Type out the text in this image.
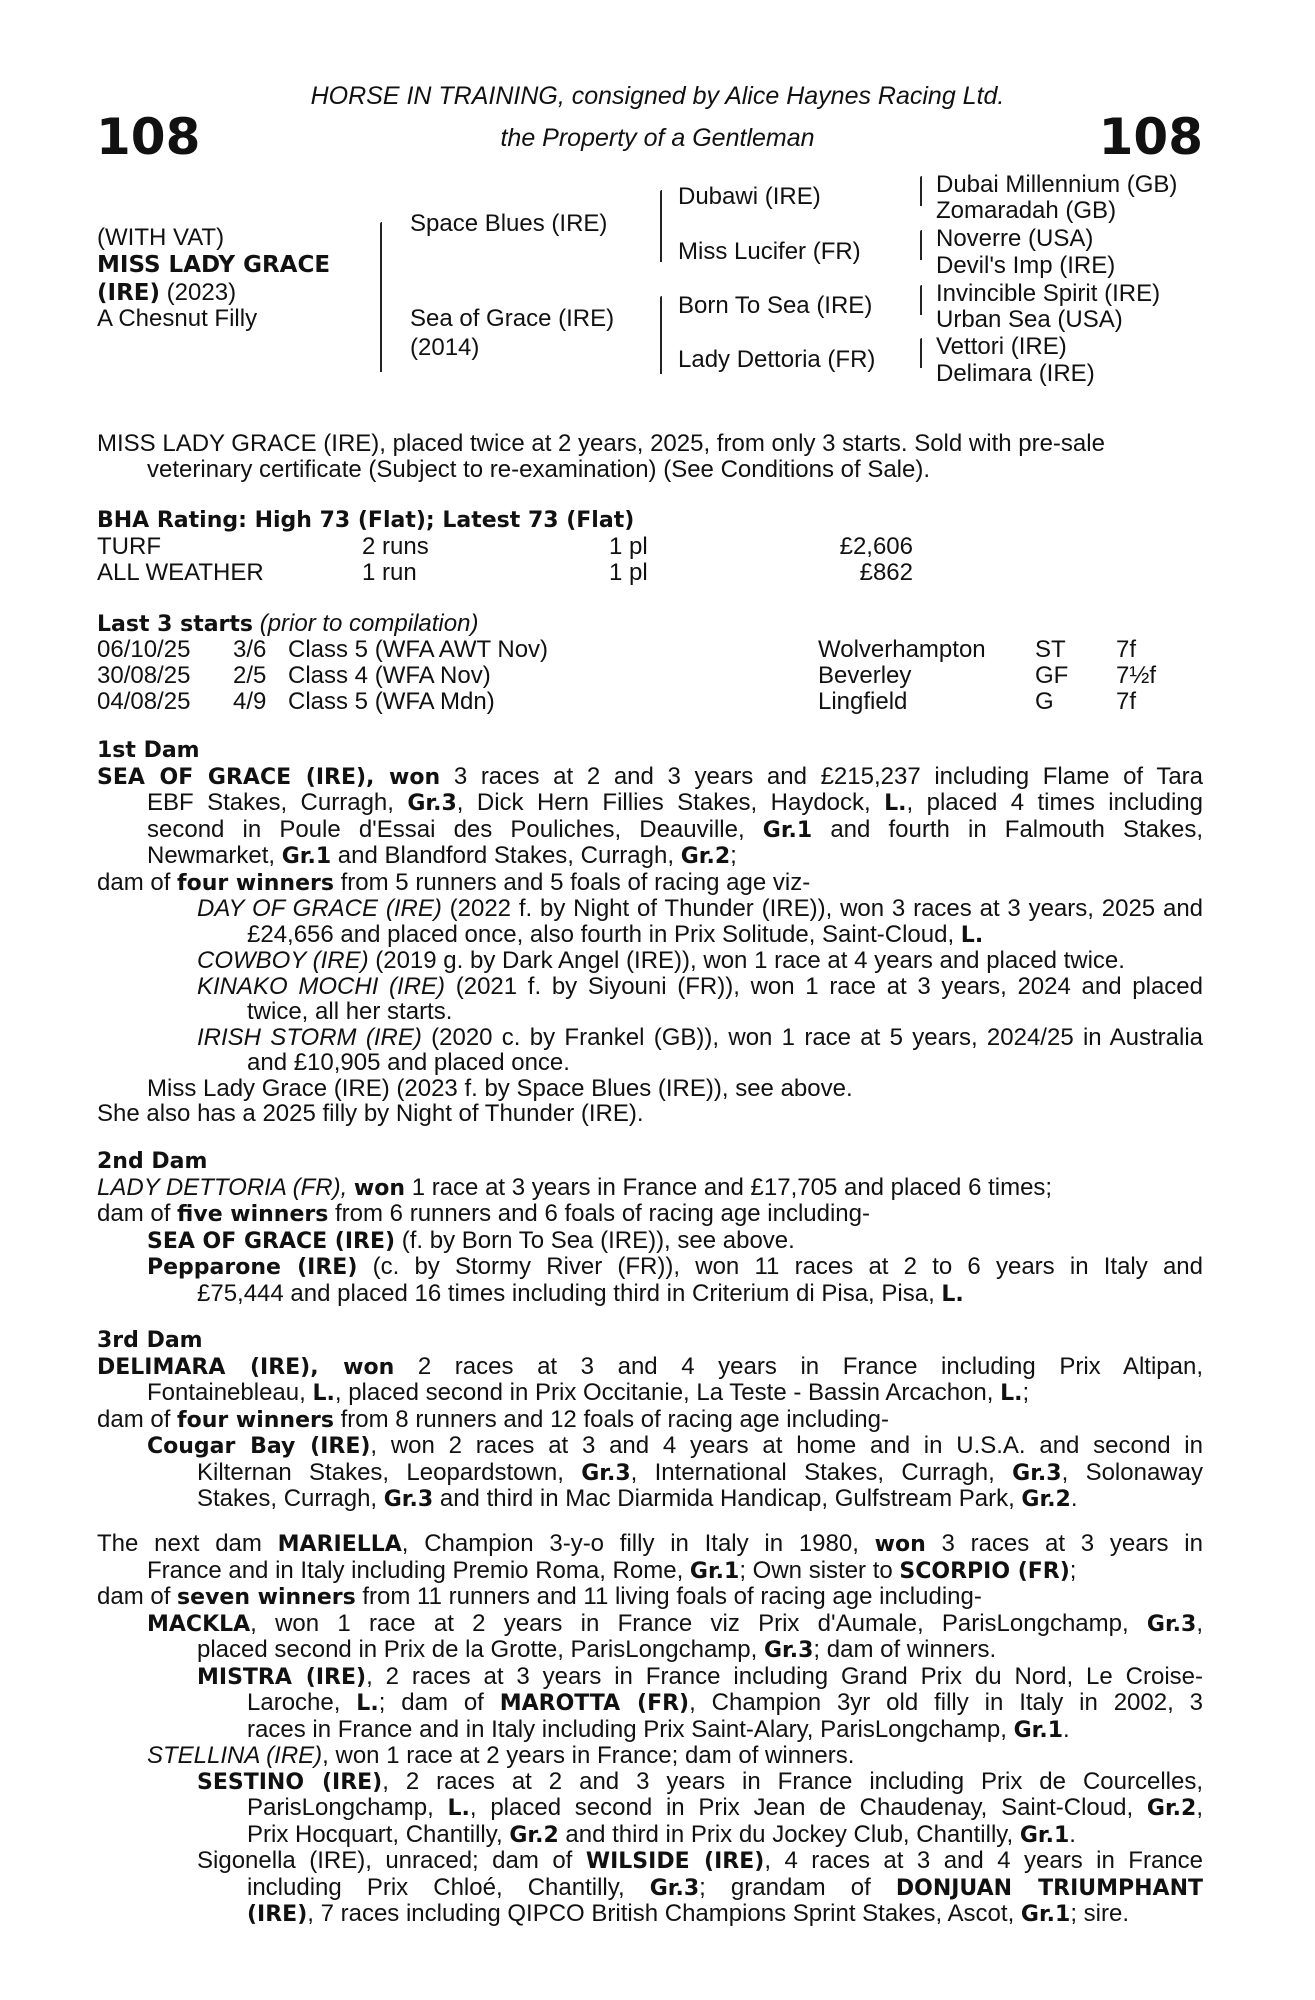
108	108
HORSE IN TRAINING, consigned by Alice Haynes Racing Ltd.
the Property of a Gentleman
(WITH VAT)
MISS LADY GRACE
(IRE) (2023)
A Chesnut Filly
Space Blues (IRE)
Sea of Grace (IRE)
(2014)
Dubawi (IRE)
Miss Lucifer (FR)
Born To Sea (IRE)
Lady Dettoria (FR)
Dubai Millennium (GB)
Zomaradah (GB)
Noverre (USA)
Devil's Imp (IRE)
Invincible Spirit (IRE)
Urban Sea (USA)
Vettori (IRE)
Delimara (IRE)
MISS LADY GRACE (IRE), placed twice at 2 years, 2025, from only 3 starts. Sold with pre-sale
veterinary certificate (Subject to re-examination) (See Conditions of Sale).
BHA Rating: High 73 (Flat); Latest 73 (Flat)
TURF	2 runs	1 pl	£2,606
ALL WEATHER	1 run	1 pl	£862
Last 3 starts (prior to compilation)
06/10/25 3/6 Class 5 (WFA AWT Nov)	Wolverhampton ST 7f
30/08/25 2/5 Class 4 (WFA Nov)	Beverley	GF 7½f
04/08/25 4/9 Class 5 (WFA Mdn)	Lingfield	G	7f
1st Dam
SEA OF GRACE (IRE), won 3 races at 2 and 3 years and £215,237 including Flame of Tara
EBF Stakes, Curragh, Gr.3, Dick Hern Fillies Stakes, Haydock, L., placed 4 times including
second in Poule d'Essai des Pouliches, Deauville, Gr.1 and fourth in Falmouth Stakes,
Newmarket, Gr.1 and Blandford Stakes, Curragh, Gr.2;
dam of four winners from 5 runners and 5 foals of racing age viz-
DAY OF GRACE (IRE) (2022 f. by Night of Thunder (IRE)), won 3 races at 3 years, 2025 and
£24,656 and placed once, also fourth in Prix Solitude, Saint-Cloud, L.
COWBOY (IRE) (2019 g. by Dark Angel (IRE)), won 1 race at 4 years and placed twice.
KINAKO MOCHI (IRE) (2021 f. by Siyouni (FR)), won 1 race at 3 years, 2024 and placed
twice, all her starts.
IRISH STORM (IRE) (2020 c. by Frankel (GB)), won 1 race at 5 years, 2024/25 in Australia
and £10,905 and placed once.
Miss Lady Grace (IRE) (2023 f. by Space Blues (IRE)), see above.
She also has a 2025 filly by Night of Thunder (IRE).
2nd Dam
LADY DETTORIA (FR), won 1 race at 3 years in France and £17,705 and placed 6 times;
dam of five winners from 6 runners and 6 foals of racing age including-
SEA OF GRACE (IRE) (f. by Born To Sea (IRE)), see above.
Pepparone (IRE) (c. by Stormy River (FR)), won 11 races at 2 to 6 years in Italy and
£75,444 and placed 16 times including third in Criterium di Pisa, Pisa, L.
3rd Dam
DELIMARA (IRE), won 2 races at 3 and 4 years in France including Prix Altipan,
Fontainebleau, L., placed second in Prix Occitanie, La Teste - Bassin Arcachon, L.;
dam of four winners from 8 runners and 12 foals of racing age including-
Cougar Bay (IRE), won 2 races at 3 and 4 years at home and in U.S.A. and second in
Kilternan Stakes, Leopardstown, Gr.3, International Stakes, Curragh, Gr.3, Solonaway
Stakes, Curragh, Gr.3 and third in Mac Diarmida Handicap, Gulfstream Park, Gr.2.
The next dam MARIELLA, Champion 3-y-o filly in Italy in 1980, won 3 races at 3 years in
France and in Italy including Premio Roma, Rome, Gr.1; Own sister to SCORPIO (FR);
dam of seven winners from 11 runners and 11 living foals of racing age including-
MACKLA, won 1 race at 2 years in France viz Prix d'Aumale, ParisLongchamp, Gr.3,
placed second in Prix de la Grotte, ParisLongchamp, Gr.3; dam of winners.
MISTRA (IRE), 2 races at 3 years in France including Grand Prix du Nord, Le Croise-
Laroche, L.; dam of MAROTTA (FR), Champion 3yr old filly in Italy in 2002, 3
races in France and in Italy including Prix Saint-Alary, ParisLongchamp, Gr.1.
STELLINA (IRE), won 1 race at 2 years in France; dam of winners.
SESTINO (IRE), 2 races at 2 and 3 years in France including Prix de Courcelles,
ParisLongchamp, L., placed second in Prix Jean de Chaudenay, Saint-Cloud, Gr.2,
Prix Hocquart, Chantilly, Gr.2 and third in Prix du Jockey Club, Chantilly, Gr.1.
Sigonella (IRE), unraced; dam of WILSIDE (IRE), 4 races at 3 and 4 years in France
including Prix Chloé, Chantilly, Gr.3; grandam of DONJUAN TRIUMPHANT
(IRE), 7 races including QIPCO British Champions Sprint Stakes, Ascot, Gr.1; sire.
